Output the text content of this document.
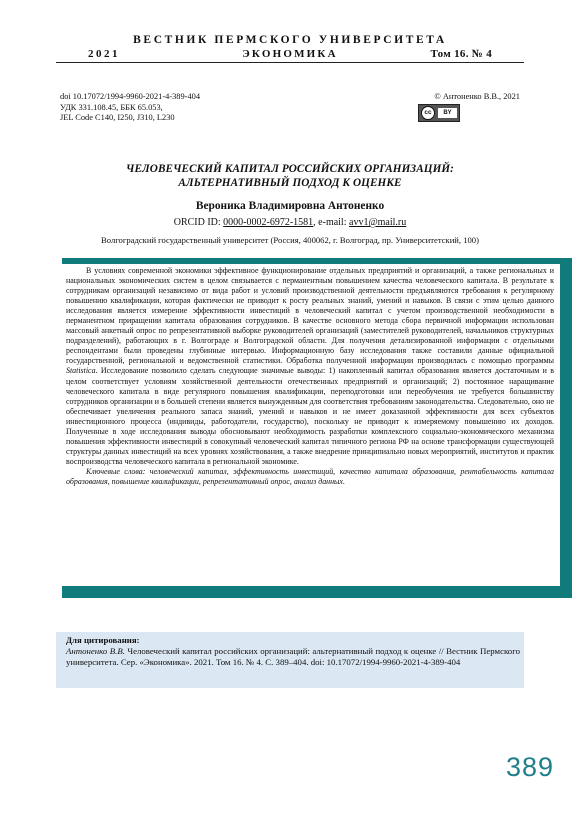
ВЕСТНИК ПЕРМСКОГО УНИВЕРСИТЕТА
2021	ЭКОНОМИКА	Том 16. № 4
doi 10.17072/1994-9960-2021-4-389-404
УДК 331.108.45, ББК 65.053,
JEL Code C140, I250, J310, L230
© Антоненко В.В., 2021
cc	BY
ЧЕЛОВЕЧЕСКИЙ КАПИТАЛ РОССИЙСКИХ ОРГАНИЗАЦИЙ:
АЛЬТЕРНАТИВНЫЙ ПОДХОД К ОЦЕНКЕ
Вероника Владимировна Антоненко
ORCID ID: 0000-0002-6972-1581, e-mail: avv1@mail.ru
Волгоградский государственный университет (Россия, 400062, г. Волгоград, пр. Университетский, 100)

В условиях современной экономики эффективное функционирование отдельных предприятий и организаций, а также региональных и национальных экономических систем в целом связывается с перманентным повышением качества человеческого капитала. В результате к сотрудникам организаций независимо от вида работ и условий производственной деятельности предъявляются требования к регулярному повышению квалификации, которая фактически не приводит к росту реальных знаний, умений и навыков. В связи с этим целью данного исследования является измерение эффективности инвестиций в человеческий капитал с учетом производственной необходимости в перманентном приращении капитала образования сотрудников. В качестве основного метода сбора первичной информации использован массовый анкетный опрос по репрезентативной выборке руководителей организаций (заместителей руководителей, начальников структурных подразделений), работающих в г. Волгограде и Волгоградской области. Для получения детализированной информации с отдельными респондентами были проведены глубинные интервью. Информационную базу исследования также составили данные официальной государственной, региональной и ведомственной статистики. Обработка полученной информации производилась с помощью программы Statistica. Исследование позволило сделать следующие значимые выводы: 1) накопленный капитал образования является достаточным и в целом соответствует условиям хозяйственной деятельности отечественных предприятий и организаций; 2) постоянное наращивание человеческого капитала в виде регулярного повышения квалификации, переподготовки или переобучения не требуется большинству сотрудников организации и в большей степени является вынужденным для соответствия требованиям законодательства. Следовательно, оно не обеспечивает увеличения реального запаса знаний, умений и навыков и не имеет доказанной эффективности для всех субъектов инвестиционного процесса (индивиды, работодатели, государство), поскольку не приводит к измеряемому повышению их доходов. Полученные в ходе исследования выводы обосновывают необходимость разработки комплексного социально-экономического механизма повышения эффективности инвестиций в совокупный человеческий капитал типичного региона РФ на основе трансформации существующей структуры данных инвестиций на всех уровнях хозяйствования, а также внедрение принципиально новых мероприятий, институтов и практик воспроизводства человеческого капитала в региональной экономике.

Ключевые слова: человеческий капитал, эффективность инвестиций, качество капитала образования, рентабельность капитала образования, повышение квалификации, репрезентативный опрос, анализ данных.

Для цитирования:
Антоненко В.В. Человеческий капитал российских организаций: альтернативный подход к оценке // Вестник Пермского университета. Сер. «Экономика». 2021. Том 16. № 4. С. 389–404. doi: 10.17072/1994-9960-2021-4-389-404
389
